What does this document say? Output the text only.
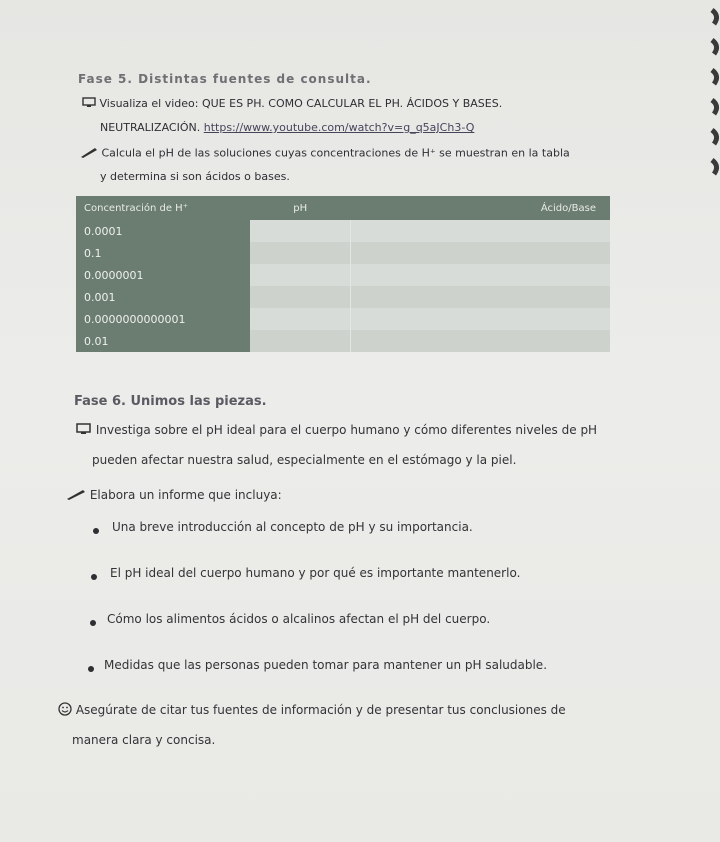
Fase 5. Distintas fuentes de consulta.
Visualiza el video: QUE ES PH. COMO CALCULAR EL PH. ÁCIDOS Y BASES.
NEUTRALIZACIÓN. https://www.youtube.com/watch?v=g_q5aJCh3-Q
Calcula el pH de las soluciones cuyas concentraciones de H⁺ se muestran en la tabla
y determina si son ácidos o bases.
Concentración de H⁺	pH	Ácido/Base
0.0001		
0.1		
0.0000001		
0.001		
0.0000000000001		
0.01		
Fase 6. Unimos las piezas.
Investiga sobre el pH ideal para el cuerpo humano y cómo diferentes niveles de pH
pueden afectar nuestra salud, especialmente en el estómago y la piel.
Elabora un informe que incluya:
Una breve introducción al concepto de pH y su importancia.
El pH ideal del cuerpo humano y por qué es importante mantenerlo.
Cómo los alimentos ácidos o alcalinos afectan el pH del cuerpo.
Medidas que las personas pueden tomar para mantener un pH saludable.
Asegúrate de citar tus fuentes de información y de presentar tus conclusiones de
manera clara y concisa.
